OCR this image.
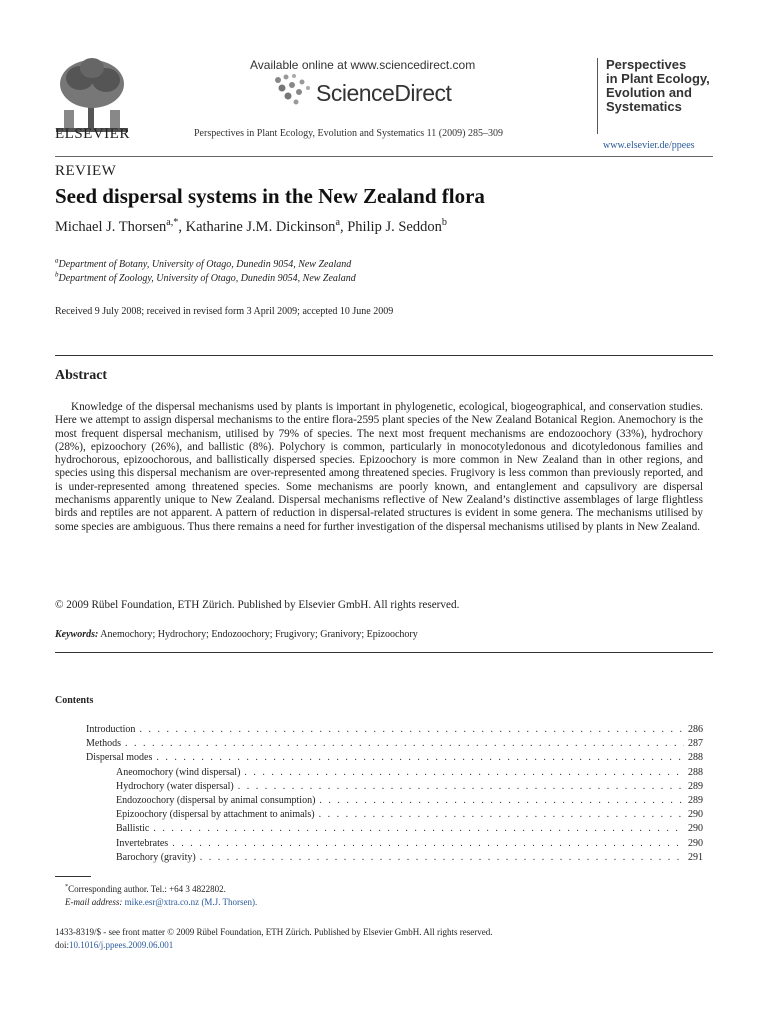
ELSEVIER
Available online at www.sciencedirect.com
ScienceDirect
Perspectives in Plant Ecology, Evolution and Systematics 11 (2009) 285–309
Perspectives
in Plant Ecology,
Evolution and
Systematics
www.elsevier.de/ppees
REVIEW
Seed dispersal systems in the New Zealand flora
Michael J. Thorsen$^{a,*}$, Katharine J.M. Dickinson$^a$, Philip J. Seddon$^b$
$^a$Department of Botany, University of Otago, Dunedin 9054, New Zealand
$^b$Department of Zoology, University of Otago, Dunedin 9054, New Zealand
Received 9 July 2008; received in revised form 3 April 2009; accepted 10 June 2009
Abstract
Knowledge of the dispersal mechanisms used by plants is important in phylogenetic, ecological, biogeographical, and conservation studies. Here we attempt to assign dispersal mechanisms to the entire flora-2595 plant species of the New Zealand Botanical Region. Anemochory is the most frequent dispersal mechanism, utilised by 79% of species. The next most frequent mechanisms are endozoochory (33%), hydrochory (28%), epizoochory (26%), and ballistic (8%). Polychory is common, particularly in monocotyledonous and dicotyledonous families and hydrochorous, epizoochorous, and ballistically dispersed species. Epizoochory is more common in New Zealand than in other regions, and species using this dispersal mechanism are over-represented among threatened species. Frugivory is less common than previously reported, and is under-represented among threatened species. Some mechanisms are poorly known, and entanglement and capsulivory are dispersal mechanisms apparently unique to New Zealand. Dispersal mechanisms reflective of New Zealand’s distinctive assemblages of large flightless birds and reptiles are not apparent. A pattern of reduction in dispersal-related structures is evident in some genera. The mechanisms utilised by some species are ambiguous. Thus there remains a need for further investigation of the dispersal mechanisms utilised by plants in New Zealand.
© 2009 Rübel Foundation, ETH Zürich. Published by Elsevier GmbH. All rights reserved.
Keywords: Anemochory; Hydrochory; Endozoochory; Frugivory; Granivory; Epizoochory
Contents
Introduction . . .	286
Methods . . .	287
Dispersal modes . . .	288
Aneomochory (wind dispersal) . . .	288
Hydrochory (water dispersal) . . .	289
Endozoochory (dispersal by animal consumption) . . .	289
Epizoochory (dispersal by attachment to animals) . . .	290
Ballistic . . .	290
Invertebrates . . .	290
Barochory (gravity) . . .	291
*Corresponding author. Tel.: +64 3 4822802.
E-mail address: mike.esr@xtra.co.nz (M.J. Thorsen).
1433-8319/$ - see front matter © 2009 Rübel Foundation, ETH Zürich. Published by Elsevier GmbH. All rights reserved.
doi:10.1016/j.ppees.2009.06.001
